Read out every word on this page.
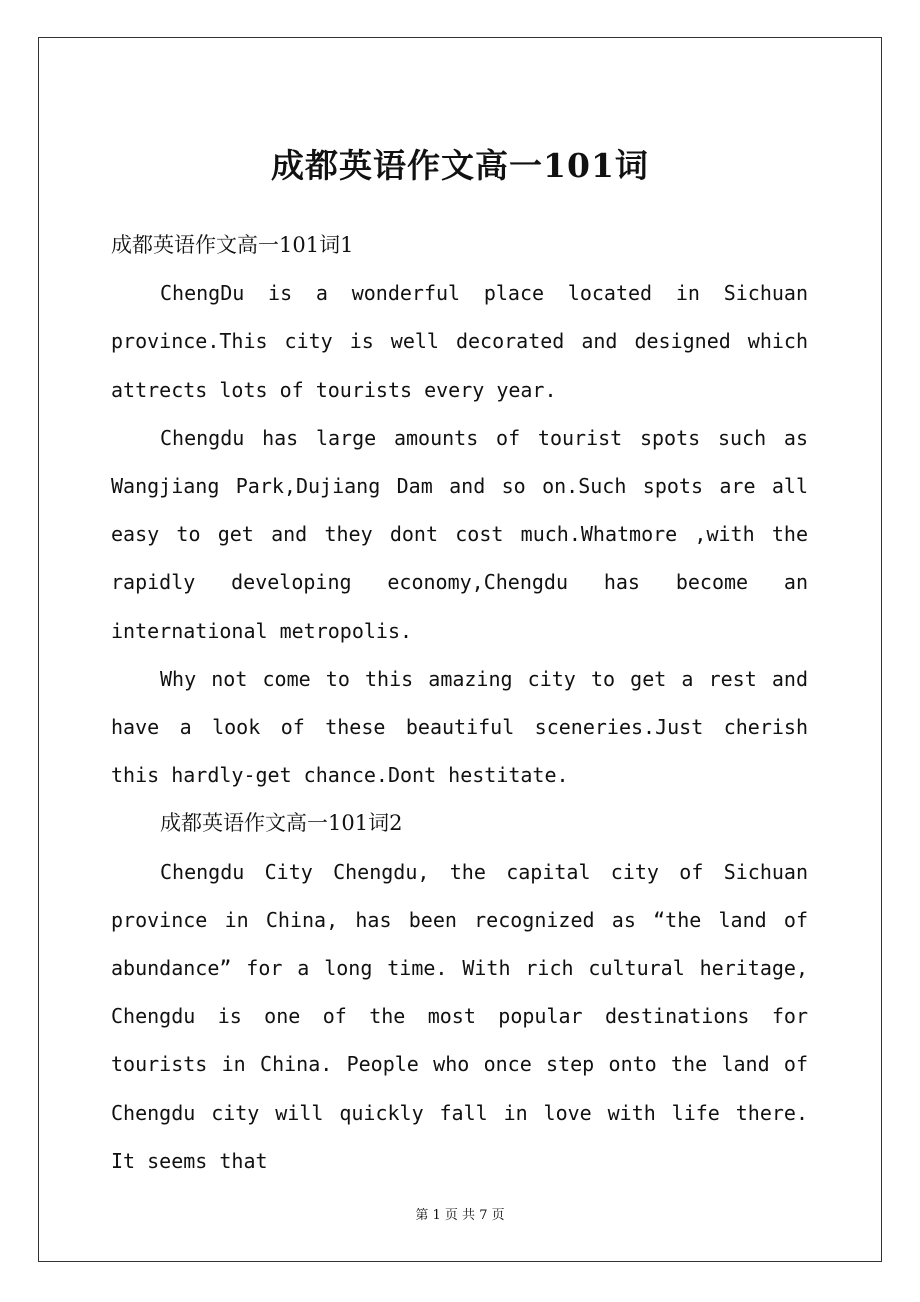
成都英语作文高一101词
成都英语作文高一101词1

ChengDu is a wonderful place located in Sichuan province.This city is well decorated and designed which attrects lots of tourists every year.

Chengdu has large amounts of tourist spots such as Wangjiang Park,Dujiang Dam and so on.Such spots are all easy to get and they dont cost much.Whatmore ,with the rapidly developing economy,Chengdu has become an international metropolis.

Why not come to this amazing city to get a rest and have a look of these beautiful sceneries.Just cherish this hardly-get chance.Dont hestitate.

成都英语作文高一101词2

Chengdu City Chengdu, the capital city of Sichuan province in China, has been recognized as “the land of abundance” for a long time. With rich cultural heritage, Chengdu is one of the most popular destinations for tourists in China. People who once step onto the land of Chengdu city will quickly fall in love with life there. It seems that

第 1 页 共 7 页
